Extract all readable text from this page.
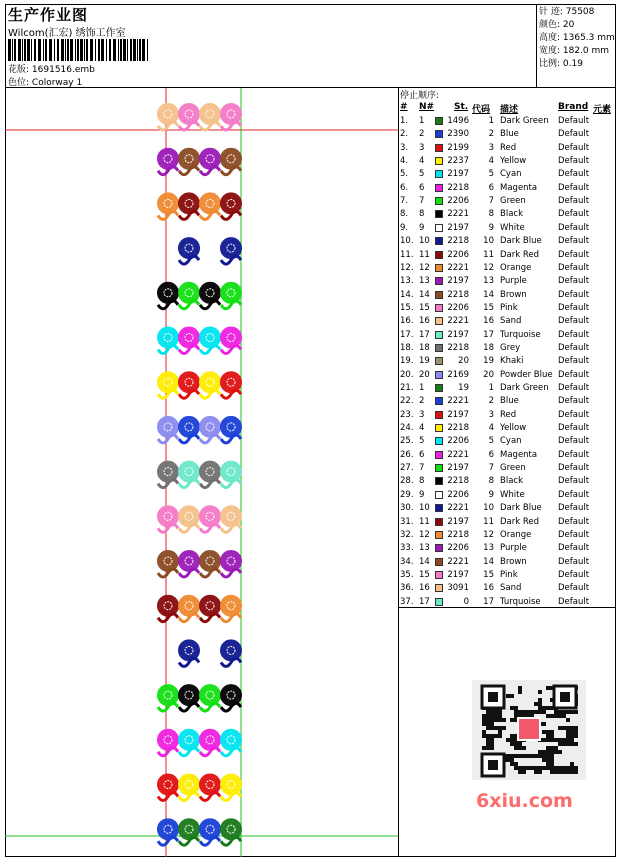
生产作业图
Wilcom(汇宏) 绣饰工作室
花版: 1691516.emb
色位: Colorway 1
针 迹: 75508
颜色: 20
高度: 1365.3 mm
宽度: 182.0 mm
比例: 0.19
停止顺序:
# N# St. 代码 描述	Brand 元素
1. 1	1496 1 Dark Green Default
2. 2	2390 2 Blue	Default
3. 3	2199 3 Red	Default
4. 4	2237 4 Yellow	Default
5. 5	2197 5 Cyan	Default
6. 6	2218 6 Magenta Default
7. 7	2206 7 Green	Default
8. 8	2221 8 Black	Default
9. 9	2197 9 White	Default
10. 10 2218 10 Dark Blue Default
11. 11 2206 11 Dark Red Default
12. 12 2221 12 Orange	Default
13. 13 2197 13 Purple	Default
14. 14 2218 14 Brown	Default
15. 15 2206 15 Pink	Default
16. 16 2221 16 Sand	Default
17. 17 2197 17 Turquoise Default
18. 18 2218 18 Grey	Default
19. 19	20 19 Khaki	Default
20. 20 2169 20 Powder Blue Default
21. 1	19 1 Dark Green Default
22. 2	2221 2 Blue	Default
23. 3	2197 3 Red	Default
24. 4	2218 4 Yellow	Default
25. 5	2206 5 Cyan	Default
26. 6	2221 6 Magenta Default
27. 7	2197 7 Green	Default
28. 8	2218 8 Black	Default
29. 9	2206 9 White	Default
30. 10 2221 10 Dark Blue Default
31. 11 2197 11 Dark Red Default
32. 12 2218 12 Orange	Default
33. 13 2206 13 Purple	Default
34. 14 2221 14 Brown	Default
35. 15 2197 15 Pink	Default
36. 16 3091 16 Sand	Default
37. 17	0 17 Turquoise Default
6xiu.com
